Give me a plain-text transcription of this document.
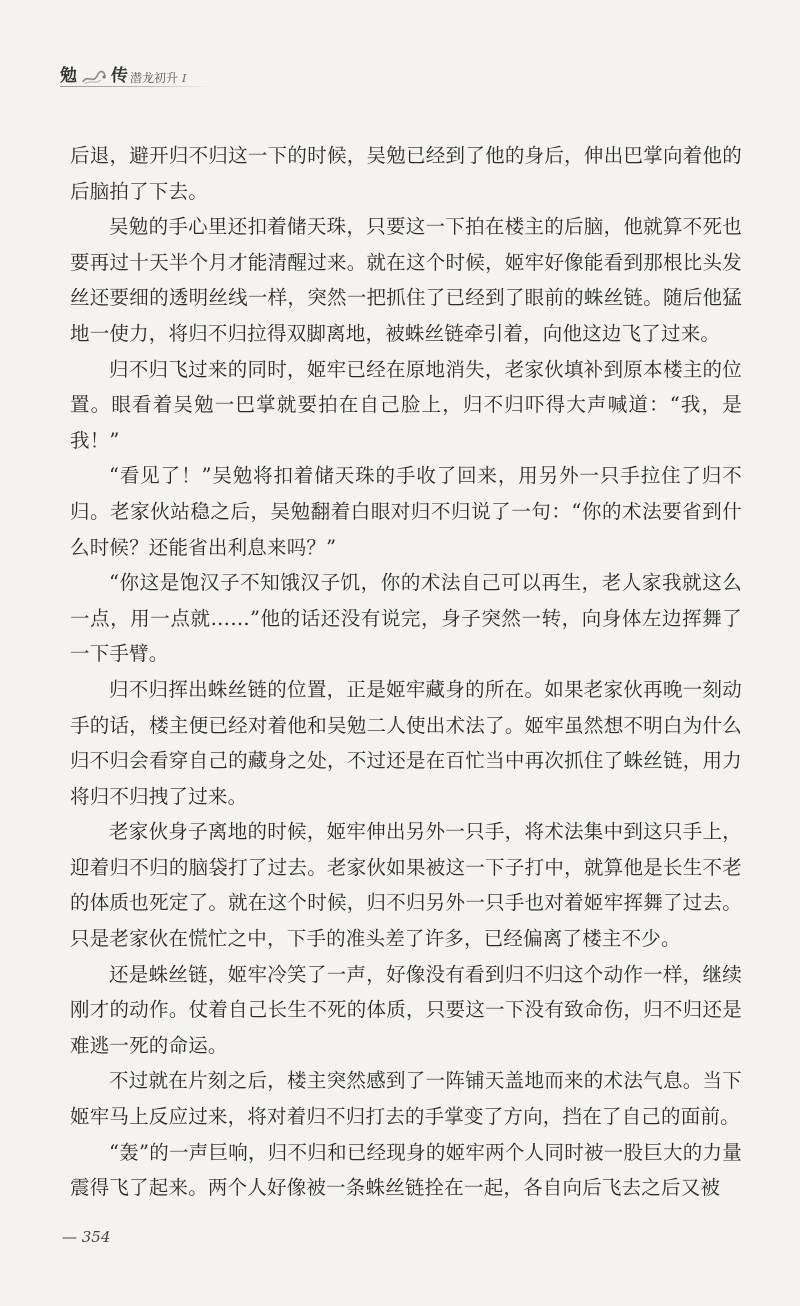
勉 传 潜龙初升 I

后退，避开归不归这一下的时候，吴勉已经到了他的身后，伸出巴掌向着他的后脑拍了下去。

吴勉的手心里还扣着储天珠，只要这一下拍在楼主的后脑，他就算不死也要再过十天半个月才能清醒过来。就在这个时候，姬牢好像能看到那根比头发丝还要细的透明丝线一样，突然一把抓住了已经到了眼前的蛛丝链。随后他猛地一使力，将归不归拉得双脚离地，被蛛丝链牵引着，向他这边飞了过来。

归不归飞过来的同时，姬牢已经在原地消失，老家伙填补到原本楼主的位置。眼看着吴勉一巴掌就要拍在自己脸上，归不归吓得大声喊道：“我，是我！”

“看见了！”吴勉将扣着储天珠的手收了回来，用另外一只手拉住了归不归。老家伙站稳之后，吴勉翻着白眼对归不归说了一句：“你的术法要省到什么时候？还能省出利息来吗？”

“你这是饱汉子不知饿汉子饥，你的术法自己可以再生，老人家我就这么一点，用一点就……”他的话还没有说完，身子突然一转，向身体左边挥舞了一下手臂。

归不归挥出蛛丝链的位置，正是姬牢藏身的所在。如果老家伙再晚一刻动手的话，楼主便已经对着他和吴勉二人使出术法了。姬牢虽然想不明白为什么归不归会看穿自己的藏身之处，不过还是在百忙当中再次抓住了蛛丝链，用力将归不归拽了过来。

老家伙身子离地的时候，姬牢伸出另外一只手，将术法集中到这只手上，迎着归不归的脑袋打了过去。老家伙如果被这一下子打中，就算他是长生不老的体质也死定了。就在这个时候，归不归另外一只手也对着姬牢挥舞了过去。只是老家伙在慌忙之中，下手的准头差了许多，已经偏离了楼主不少。

还是蛛丝链，姬牢冷笑了一声，好像没有看到归不归这个动作一样，继续刚才的动作。仗着自己长生不死的体质，只要这一下没有致命伤，归不归还是难逃一死的命运。

不过就在片刻之后，楼主突然感到了一阵铺天盖地而来的术法气息。当下姬牢马上反应过来，将对着归不归打去的手掌变了方向，挡在了自己的面前。

“轰”的一声巨响，归不归和已经现身的姬牢两个人同时被一股巨大的力量震得飞了起来。两个人好像被一条蛛丝链拴在一起，各自向后飞去之后又被

— 354
